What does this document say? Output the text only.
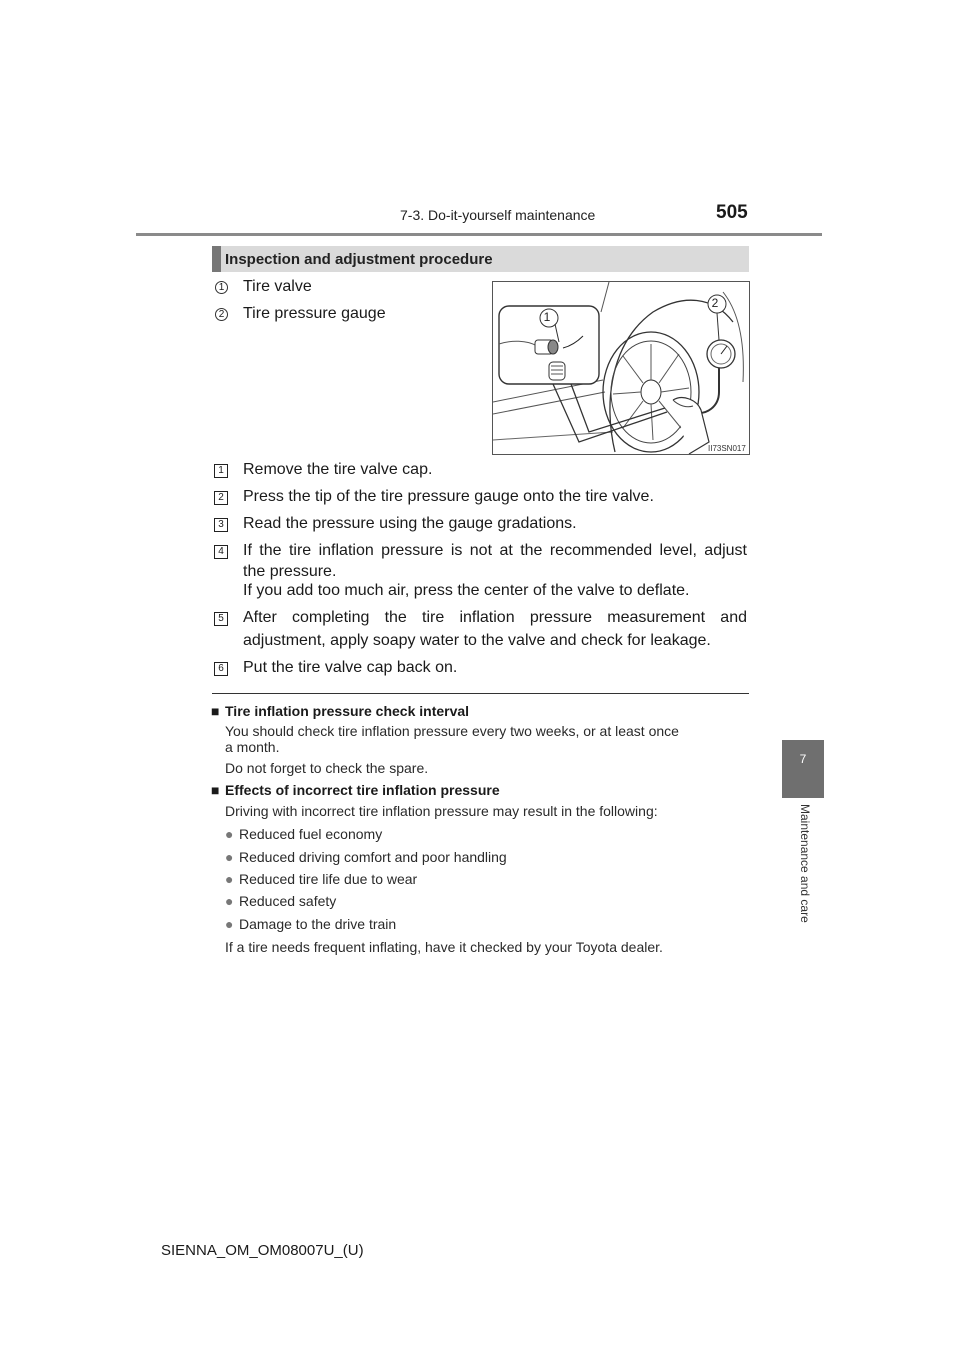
7-3. Do-it-yourself maintenance	505
7
Maintenance and care
Inspection and adjustment procedure
1 Tire valve
2 Tire pressure gauge	1
2
II73SN017
1 Remove the tire valve cap.
2 Press the tip of the tire pressure gauge onto the tire valve.
3 Read the pressure using the gauge gradations.
4 If the tire inflation pressure is not at the recommended level, adjust
the pressure.
If you add too much air, press the center of the valve to deflate.
5 After completing the tire inflation pressure measurement and
adjustment, apply soapy water to the valve and check for leakage.
6 Put the tire valve cap back on.
■ Tire inflation pressure check interval
You should check tire inflation pressure every two weeks, or at least once
a month.
Do not forget to check the spare.
■ Effects of incorrect tire inflation pressure
Driving with incorrect tire inflation pressure may result in the following:
● Reduced fuel economy
● Reduced driving comfort and poor handling
● Reduced tire life due to wear
● Reduced safety
● Damage to the drive train
If a tire needs frequent inflating, have it checked by your Toyota dealer.
SIENNA_OM_OM08007U_(U)
